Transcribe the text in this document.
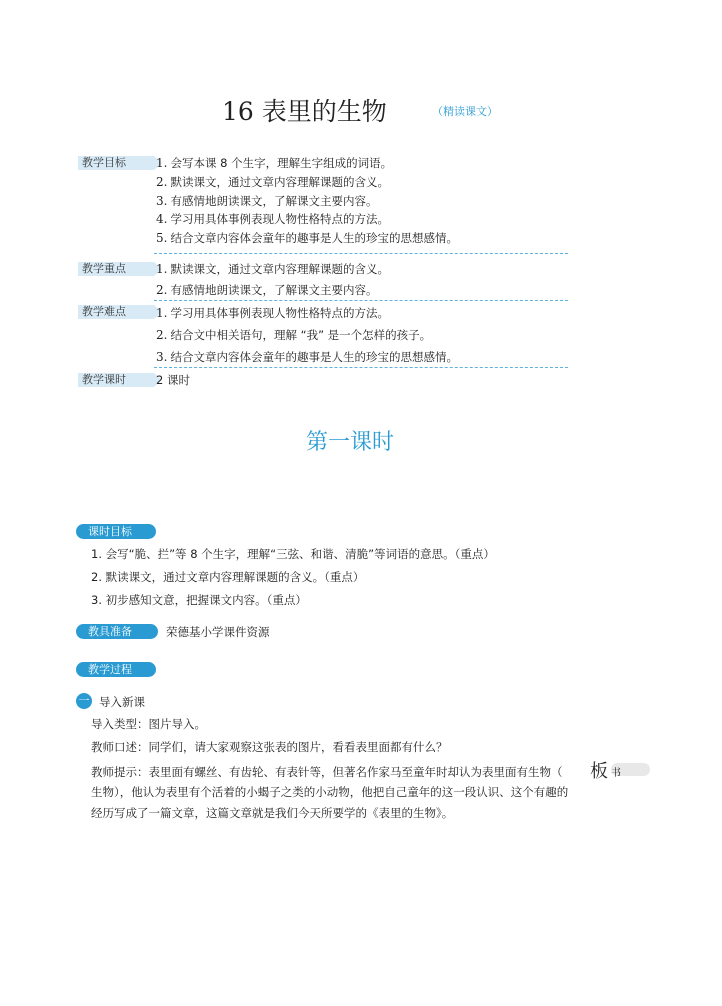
16 表里的生物	（精读课文）
教学目标	1. 会写本课 8 个生字，理解生字组成的词语。
2. 默读课文，通过文章内容理解课题的含义。
3. 有感情地朗读课文，了解课文主要内容。
4. 学习用具体事例表现人物性格特点的方法。
5. 结合文章内容体会童年的趣事是人生的珍宝的思想感情。
教学重点	1. 默读课文，通过文章内容理解课题的含义。
2. 有感情地朗读课文，了解课文主要内容。
教学难点	1. 学习用具体事例表现人物性格特点的方法。
2. 结合文中相关语句，理解 “我” 是一个怎样的孩子。
3. 结合文章内容体会童年的趣事是人生的珍宝的思想感情。
教学课时	2 课时
第一课时
课时目标
1. 会写“脆、拦”等 8 个生字，理解“三弦、和谐、清脆”等词语的意思。（重点）
2. 默读课文，通过文章内容理解课题的含义。（重点）
3. 初步感知文意，把握课文内容。（重点）
教具准备	荣德基小学课件资源
教学过程
一 导入新课
导入类型：图片导入。
教师口述：同学们，请大家观察这张表的图片，看看表里面都有什么？
教师提示：表里面有螺丝、有齿轮、有表针等，但著名作家马至童年时却认为表里面有生物（
生物），他认为表里有个活着的小蝎子之类的小动物，他把自己童年的这一段认识、这个有趣的
经历写成了一篇文章，这篇文章就是我们今天所要学的《表里的生物》。
板 书
